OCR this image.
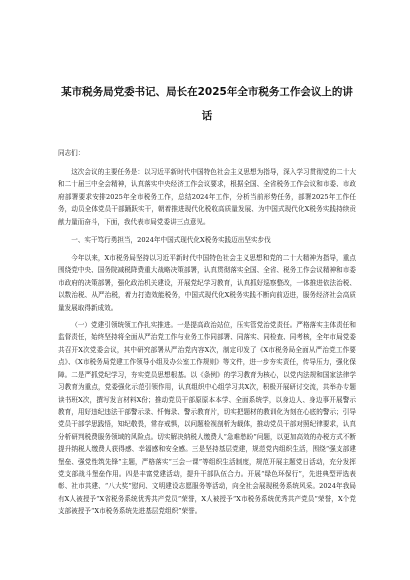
某市税务局党委书记、局长在2025年全市税务工作会议上的讲话

同志们：

这次会议的主要任务是：以习近平新时代中国特色社会主义思想为指导，深入学习贯彻党的二十大和二十届三中全会精神，认真落实中央经济工作会议要求，根据全国、全省税务工作会议和市委、市政府部署要求安排2025年全市税务工作，总结2024年工作，分析当前形势任务，部署2025年工作任务，动员全体党员干部踊跃实干，朝着推进现代化税收高质量发展、为中国式现代化X税务实践持续贡献力量而奋斗，下面，我代表市局党委讲三点意见。

一、实干笃行勇担当，2024年中国式现代化X税务实践迈出坚实步伐

今年以来，X市税务局坚持以习近平新时代中国特色社会主义思想和党的二十大精神为指导，重点围绕党中央、国务院减税降费重大战略决策部署，认真贯彻落实全国、全省、税务工作会议精神和市委市政府的决策部署，强化政治机关建设，开展党纪学习教育，认真抓好巡察整改，一体推进依法治税、以数治税、从严治税，着力打造效能税务，中国式现代化X税务实践不断向前迈进，服务经济社会高质量发展取得新成效。

（一）党建引领统领工作扎实推进。一是提高政治站位，压实管党治党责任。严格落实主体责任和监督责任，始终坚持将全面从严治党工作与业务工作同部署、同落实、同检查、同考核，全年市局党委共召开X次党委会议，其中研究部署从严治党内容X次，制定印发了《X市税务局全面从严治党工作要点》、《X市税务局党建工作领导小组及办公室工作规则》等文件，进一步夯实责任，传导压力，强化保障。二是严抓党纪学习，夯实党员思想根基。以《条例》的学习教育为核心，以党内法规和国家法律学习教育为重点，党委强化示范引领作用，认真组织中心组学习共X次，积极开展研讨交流，共举办专题读书班X次，撰写发言材料X份；推动党员干部原原本本学、全面系统学，以身边人、身边事开展警示教育，用好违纪违法干部警示录、忏悔录、警示教育片，切实把题材的教训化为刻在心底的警示；引导党员干部学思践悟，知纪敬畏，常存戒惧，以问题检视剖析为载体，推动党员干部对照纪律要求，认真分析研判税费服务领域的风险点。切实解决纳税人缴费人“急难愁盼”问题，以更加高效的办税方式不断提升纳税人缴费人获得感、幸福感和安全感。三是坚持基层党建，规范党内组织生活，围绕“强支部建堡垒、强党性筑先锋”主题，严格落实“三会一课”等组织生活制度，规范开展主题党日活动，充分发挥党支部战斗堡垒作用。四是丰富党建活动，提升干部队伍合力。开展“绿色环保行”，先进典型评选表彰、社市共建、“八大奖”慰问、文明建设志愿服务等活动，向全社会展现税务系统风采。2024年我局有X人被授予“X省税务系统优秀共产党员”荣誉，X人被授予“X市税务系统优秀共产党员”荣誉，X个党支部被授予“X市税务系统先进基层党组织”荣誉。
